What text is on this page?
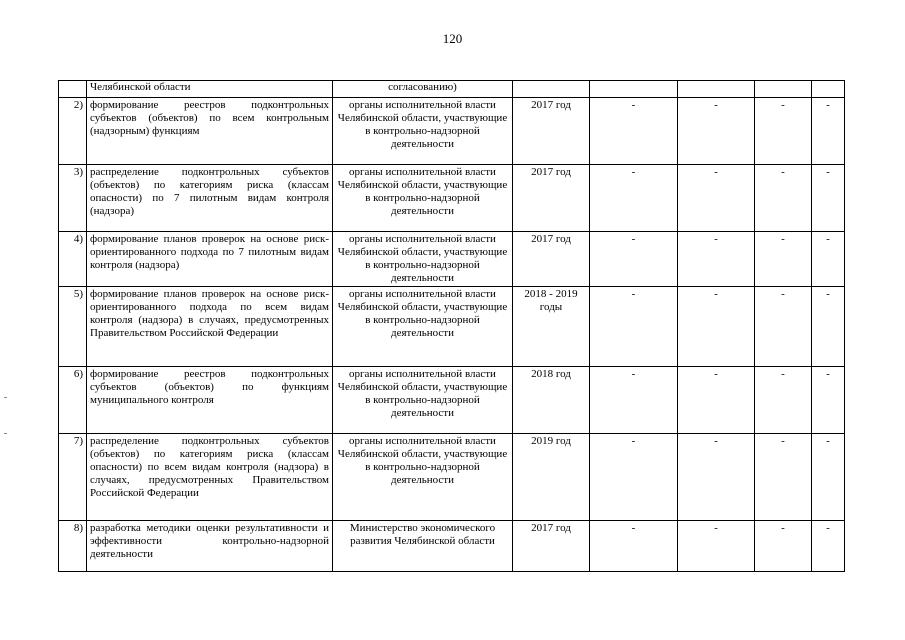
120
	Челябинской области	согласованию)					
2)	формирование реестров подконтрольных субъектов (объектов) по всем контрольным (надзорным) функциям	органы исполнительной власти Челябинской области, участвующие в контрольно-надзорной деятельности	2017 год	-	-	-	-
3)	распределение подконтрольных субъектов (объектов) по категориям риска (классам опасности) по 7 пилотным видам контроля (надзора)	органы исполнительной власти Челябинской области, участвующие в контрольно-надзорной деятельности	2017 год	-	-	-	-
4)	формирование планов проверок на основе риск-ориентированного подхода по 7 пилотным видам контроля (надзора)	органы исполнительной власти Челябинской области, участвующие в контрольно-надзорной деятельности	2017 год	-	-	-	-
5)	формирование планов проверок на основе риск-ориентированного подхода по всем видам контроля (надзора) в случаях, предусмотренных Правительством Российской Федерации	органы исполнительной власти Челябинской области, участвующие в контрольно-надзорной деятельности	2018 - 2019 годы	-	-	-	-
6)	формирование реестров подконтрольных субъектов (объектов) по функциям муниципального контроля	органы исполнительной власти Челябинской области, участвующие в контрольно-надзорной деятельности	2018 год	-	-	-	-
7)	распределение подконтрольных субъектов (объектов) по категориям риска (классам опасности) по всем видам контроля (надзора) в случаях, предусмотренных Правительством Российской Федерации	органы исполнительной власти Челябинской области, участвующие в контрольно-надзорной деятельности	2019 год	-	-	-	-
8)	разработка методики оценки результативности и эффективности контрольно-надзорной деятельности	Министерство экономического развития Челябинской области	2017 год	-	-	-	-
